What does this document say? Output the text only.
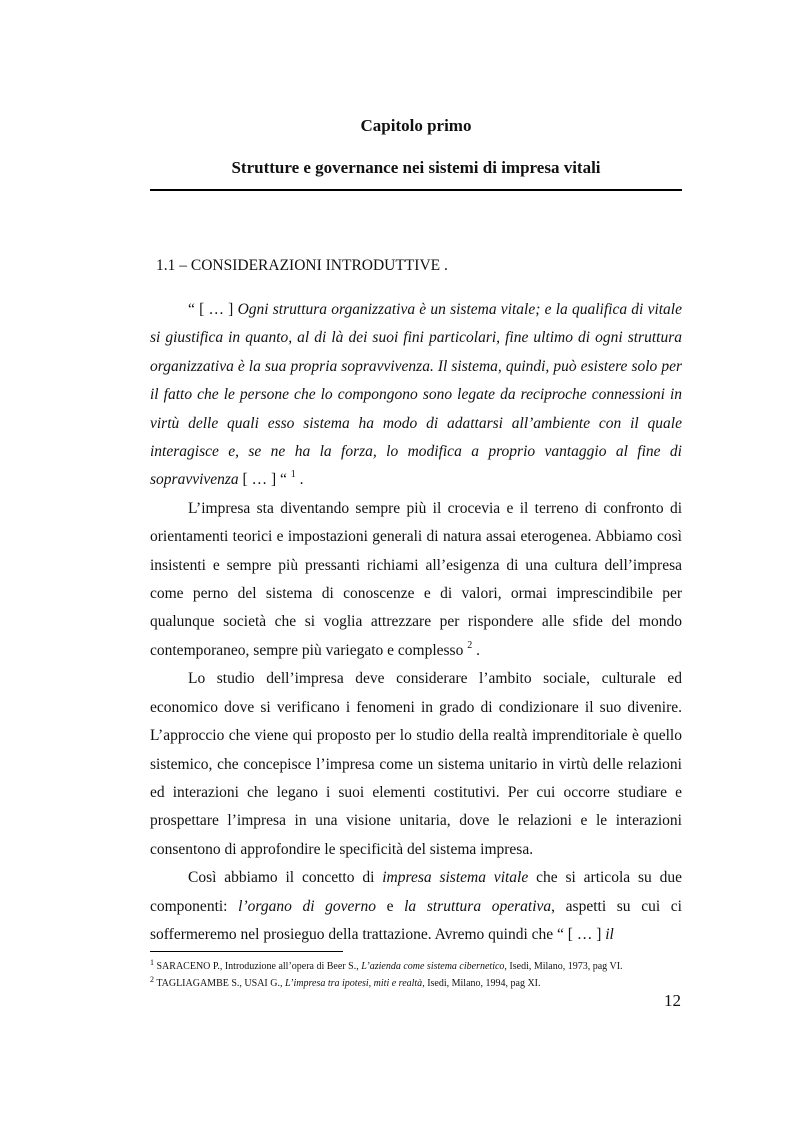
Capitolo primo
Strutture e governance nei sistemi di impresa vitali
1.1 – CONSIDERAZIONI INTRODUTTIVE .

“ [ … ] Ogni struttura organizzativa è un sistema vitale; e la qualifica di vitale si giustifica in quanto, al di là dei suoi fini particolari, fine ultimo di ogni struttura organizzativa è la sua propria sopravvivenza. Il sistema, quindi, può esistere solo per il fatto che le persone che lo compongono sono legate da reciproche connessioni in virtù delle quali esso sistema ha modo di adattarsi all’ambiente con il quale interagisce e, se ne ha la forza, lo modifica a proprio vantaggio al fine di sopravvivenza [ … ] “ $^1$ .

L’impresa sta diventando sempre più il crocevia e il terreno di confronto di orientamenti teorici e impostazioni generali di natura assai eterogenea. Abbiamo così insistenti e sempre più pressanti richiami all’esigenza di una cultura dell’impresa come perno del sistema di conoscenze e di valori, ormai imprescindibile per qualunque società che si voglia attrezzare per rispondere alle sfide del mondo contemporaneo, sempre più variegato e complesso $^2$ .

Lo studio dell’impresa deve considerare l’ambito sociale, culturale ed economico dove si verificano i fenomeni in grado di condizionare il suo divenire. L’approccio che viene qui proposto per lo studio della realtà imprenditoriale è quello sistemico, che concepisce l’impresa come un sistema unitario in virtù delle relazioni ed interazioni che legano i suoi elementi costitutivi. Per cui occorre studiare e prospettare l’impresa in una visione unitaria, dove le relazioni e le interazioni consentono di approfondire le specificità del sistema impresa.

Così abbiamo il concetto di impresa sistema vitale che si articola su due componenti: l’organo di governo e la struttura operativa, aspetti su cui ci soffermeremo nel prosieguo della trattazione. Avremo quindi che “ [ … ] il

$^1$ SARACENO P., Introduzione all’opera di Beer S., L’azienda come sistema cibernetico, Isedi, Milano, 1973, pag VI.
$^2$ TAGLIAGAMBE S., USAI G., L’impresa tra ipotesi, miti e realtà, Isedi, Milano, 1994, pag XI.
12
